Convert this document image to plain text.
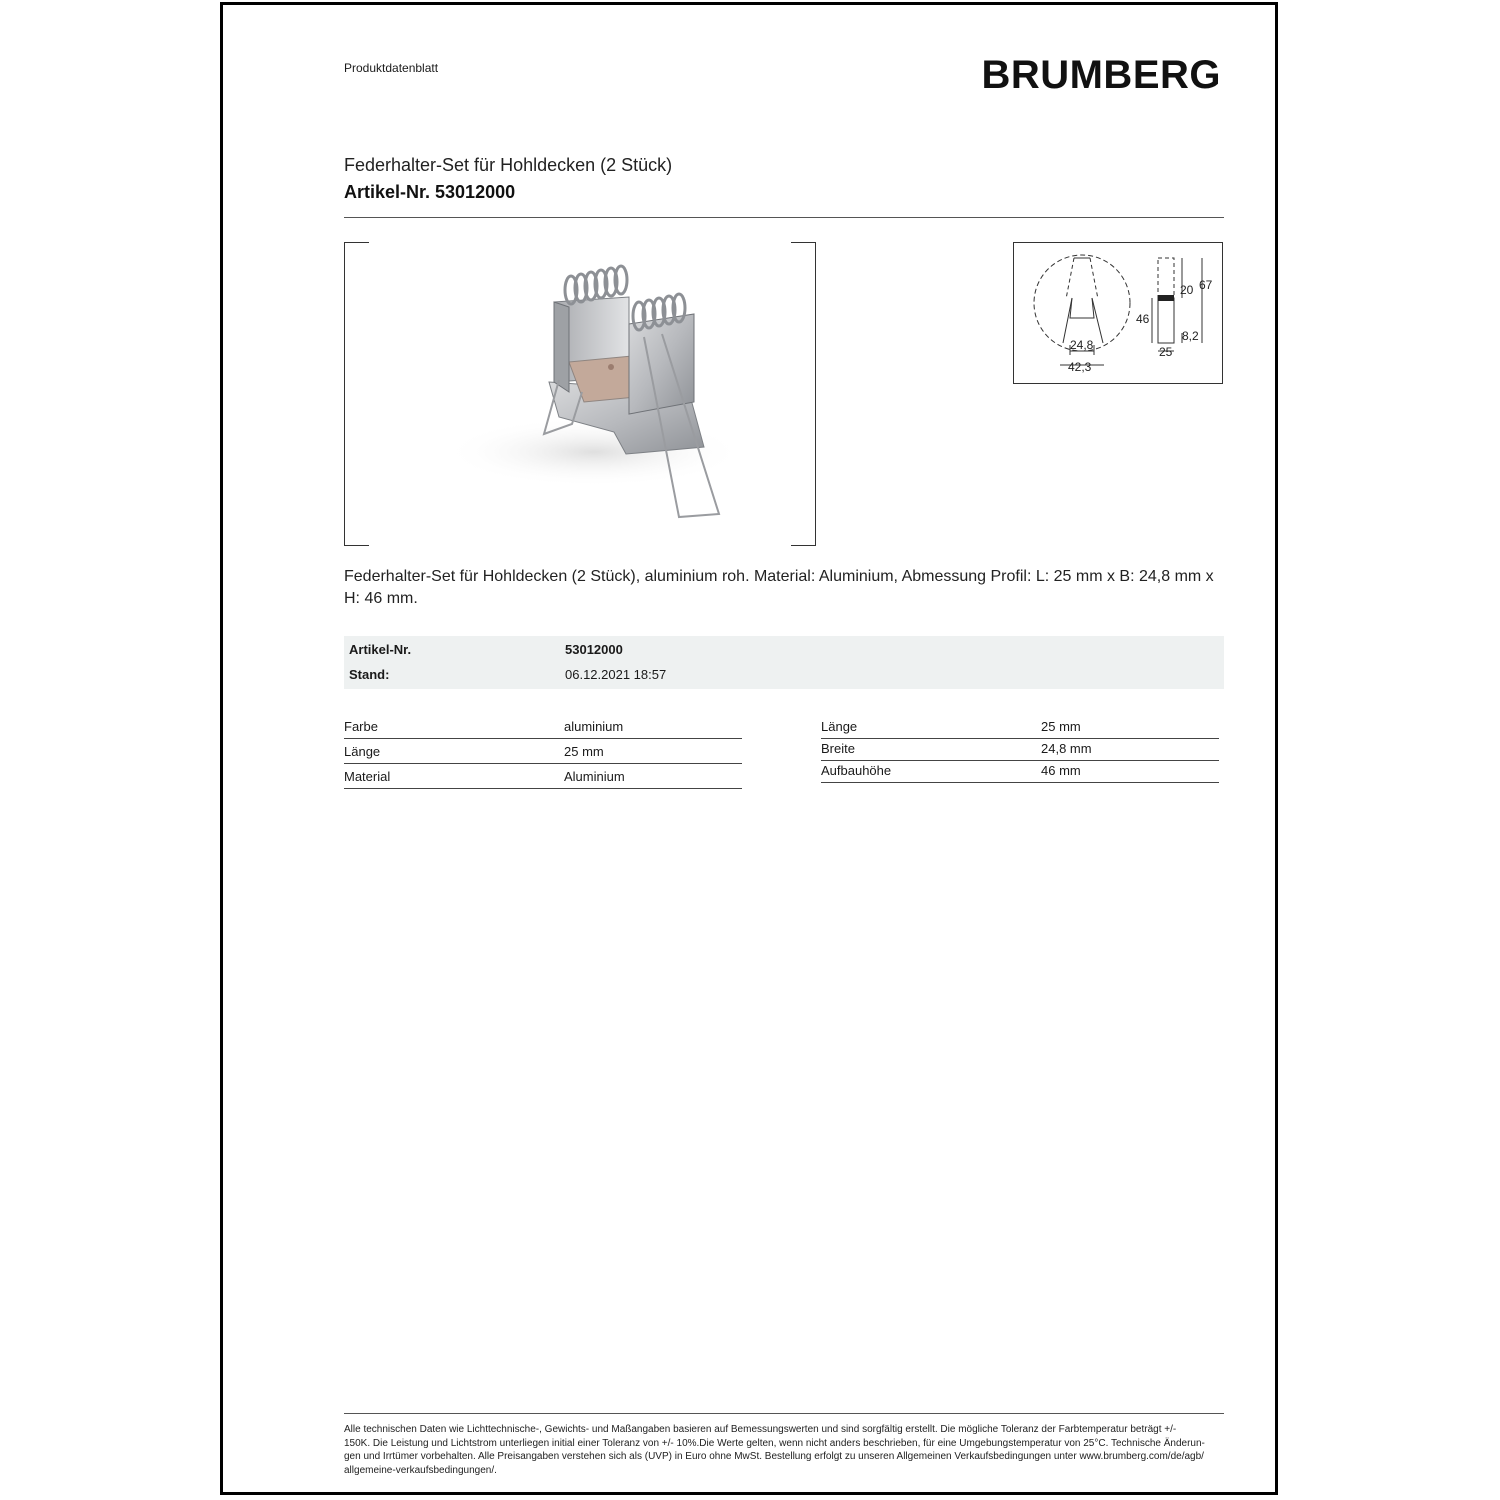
Produktdatenblatt	BRUMBERG
Federhalter-Set für Hohldecken (2 Stück)
Artikel-Nr. 53012000
24,8
42,3
46
20 67
8,2
25
Federhalter-Set für Hohldecken (2 Stück), aluminium roh. Material: Aluminium, Abmessung Profil: L: 25 mm x B: 24,8 mm x H: 46 mm.
Artikel-Nr.	53012000
Stand:	06.12.2021 18:57
Farbe	aluminium
Länge	25 mm
Material	Aluminium
Länge	25 mm
Breite	24,8 mm
Aufbauhöhe	46 mm
Alle technischen Daten wie Lichttechnische-, Gewichts- und Maßangaben basieren auf Bemessungswerten und sind sorgfältig erstellt. Die mögliche Toleranz der Farbtemperatur beträgt +/-
150K. Die Leistung und Lichtstrom unterliegen initial einer Toleranz von +/- 10%.Die Werte gelten, wenn nicht anders beschrieben, für eine Umgebungstemperatur von 25°C. Technische Änderun-
gen und Irrtümer vorbehalten. Alle Preisangaben verstehen sich als (UVP) in Euro ohne MwSt. Bestellung erfolgt zu unseren Allgemeinen Verkaufsbedingungen unter www.brumberg.com/de/agb/
allgemeine-verkaufsbedingungen/.
